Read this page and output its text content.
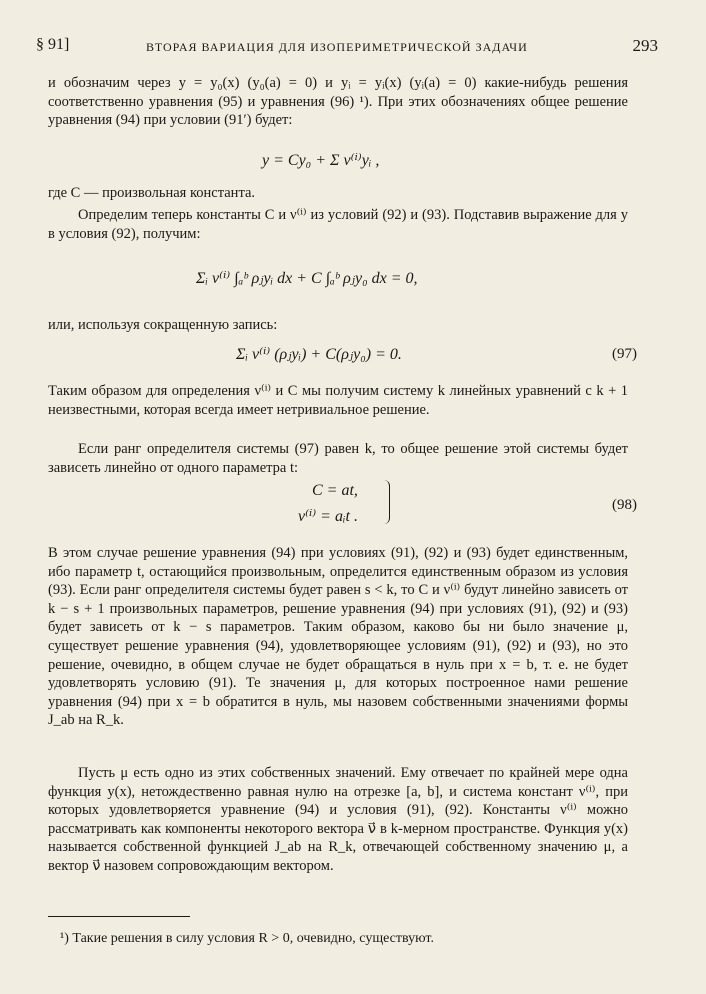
§ 91]	ВТОРАЯ ВАРИАЦИЯ ДЛЯ ИЗОПЕРИМЕТРИЧЕСКОЙ ЗАДАЧИ	293

и обозначим через y = y₀(x) (y₀(a) = 0) и yᵢ = yᵢ(x) (yᵢ(a) = 0) какие-нибудь решения соответственно уравнения (95) и уравнения (96) ¹). При этих обозначениях общее решение уравнения (94) при условии (91′) будет:

y = Cy₀ + Σ ν⁽ⁱ⁾yᵢ ,

где C — произвольная константа.

Определим теперь константы C и ν⁽ⁱ⁾ из условий (92) и (93). Подставив выражение для y в условия (92), получим:

Σᵢ ν⁽ⁱ⁾ ∫ₐᵇ ρⱼyᵢ dx + C ∫ₐᵇ ρⱼy₀ dx = 0,

или, используя сокращенную запись:

Σᵢ ν⁽ⁱ⁾ (ρⱼyᵢ) + C(ρⱼy₀) = 0.	(97)

Таким образом для определения ν⁽ⁱ⁾ и C мы получим систему k линейных уравнений с k + 1 неизвестными, которая всегда имеет нетривиальное решение.

Если ранг определителя системы (97) равен k, то общее решение этой системы будет зависеть линейно от одного параметра t:

C = at,
ν⁽ⁱ⁾ = aᵢt .
(98)

В этом случае решение уравнения (94) при условиях (91), (92) и (93) будет единственным, ибо параметр t, остающийся произвольным, определится единственным образом из условия (93). Если ранг определителя системы будет равен s < k, то C и ν⁽ⁱ⁾ будут линейно зависеть от k − s + 1 произвольных параметров, решение уравнения (94) при условиях (91), (92) и (93) будет зависеть от k − s параметров. Таким образом, каково бы ни было значение μ, существует решение уравнения (94), удовлетворяющее условиям (91), (92) и (93), но это решение, очевидно, в общем случае не будет обращаться в нуль при x = b, т. е. не будет удовлетворять условию (91). Те значения μ, для которых построенное нами решение уравнения (94) при x = b обратится в нуль, мы назовем собственными значениями формы J_ab на R_k.

Пусть μ есть одно из этих собственных значений. Ему отвечает по крайней мере одна функция y(x), нетождественно равная нулю на отрезке [a, b], и система констант ν⁽ⁱ⁾, при которых удовлетворяется уравнение (94) и условия (91), (92). Константы ν⁽ⁱ⁾ можно рассматривать как компоненты некоторого вектора ν⃗ в k-мерном пространстве. Функция y(x) называется собственной функцией J_ab на R_k, отвечающей собственному значению μ, а вектор ν⃗ назовем сопровождающим вектором.

¹) Такие решения в силу условия R > 0, очевидно, существуют.
